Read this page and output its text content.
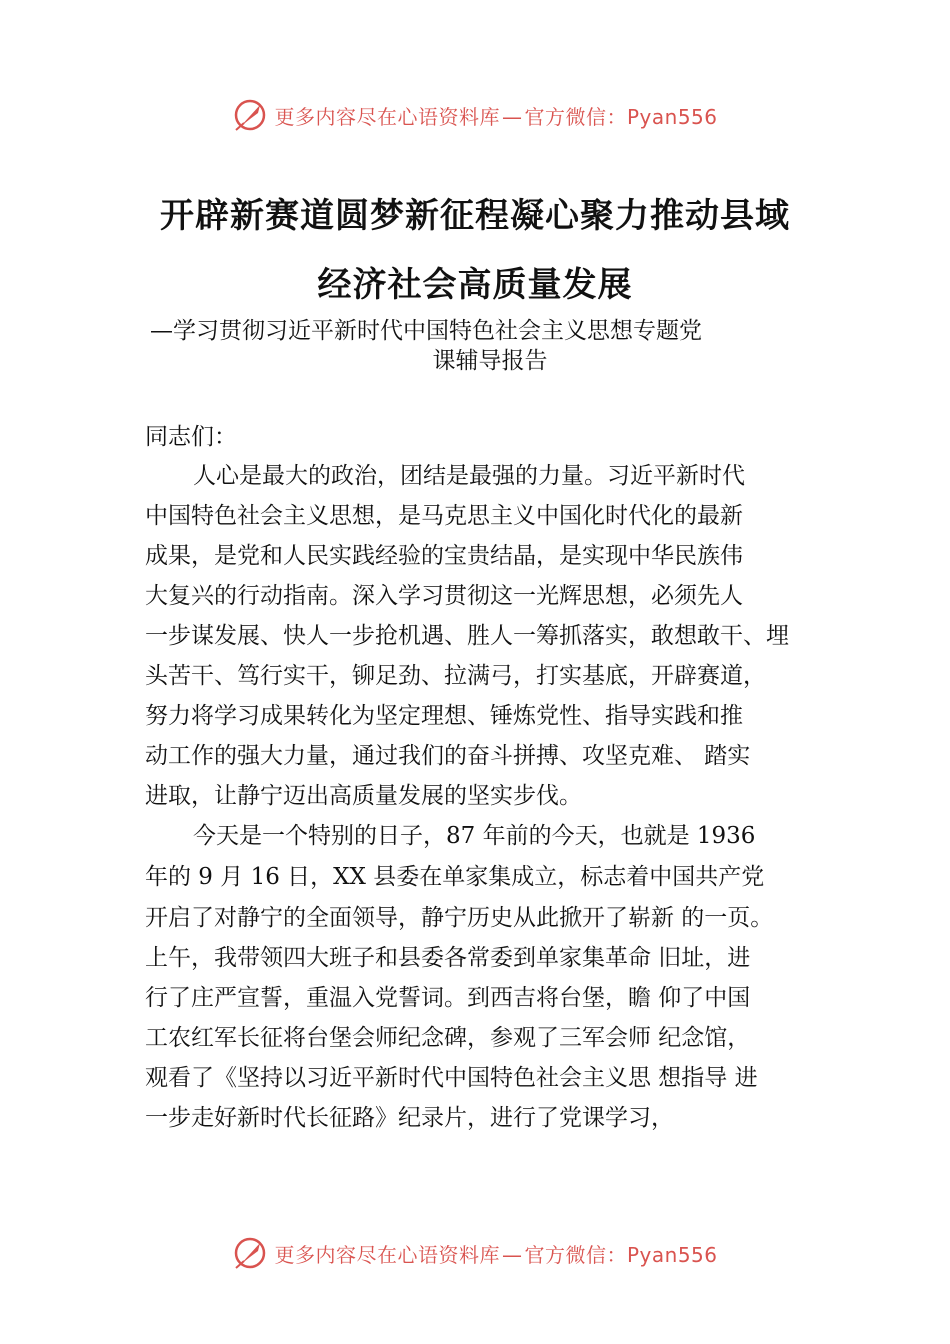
更多内容尽在心语资料库 — 官方微信：Pyan556
开辟新赛道圆梦新征程凝心聚力推动县域
经济社会高质量发展
—学习贯彻习近平新时代中国特色社会主义思想专题党
课辅导报告
同志们：
人心是最大的政治，团结是最强的力量。习近平新时代
中国特色社会主义思想，是马克思主义中国化时代化的最新
成果，是党和人民实践经验的宝贵结晶，是实现中华民族伟
大复兴的行动指南。深入学习贯彻这一光辉思想，必须先人
一步谋发展、快人一步抢机遇、胜人一筹抓落实，敢想敢干、埋
头苦干、笃行实干，铆足劲、拉满弓，打实基底，开辟赛道，
努力将学习成果转化为坚定理想、锤炼党性、指导实践和推
动工作的强大力量，通过我们的奋斗拼搏、攻坚克难、 踏实
进取，让静宁迈出高质量发展的坚实步伐。
今天是一个特别的日子，87 年前的今天，也就是 1936
年的 9 月 16 日，XX 县委在单家集成立，标志着中国共产党
开启了对静宁的全面领导，静宁历史从此掀开了崭新 的一页。
上午，我带领四大班子和县委各常委到单家集革命 旧址，进
行了庄严宣誓，重温入党誓词。到西吉将台堡，瞻 仰了中国
工农红军长征将台堡会师纪念碑，参观了三军会师 纪念馆，
观看了《坚持以习近平新时代中国特色社会主义思 想指导 进
一步走好新时代长征路》纪录片，进行了党课学习，
更多内容尽在心语资料库 — 官方微信：Pyan556
